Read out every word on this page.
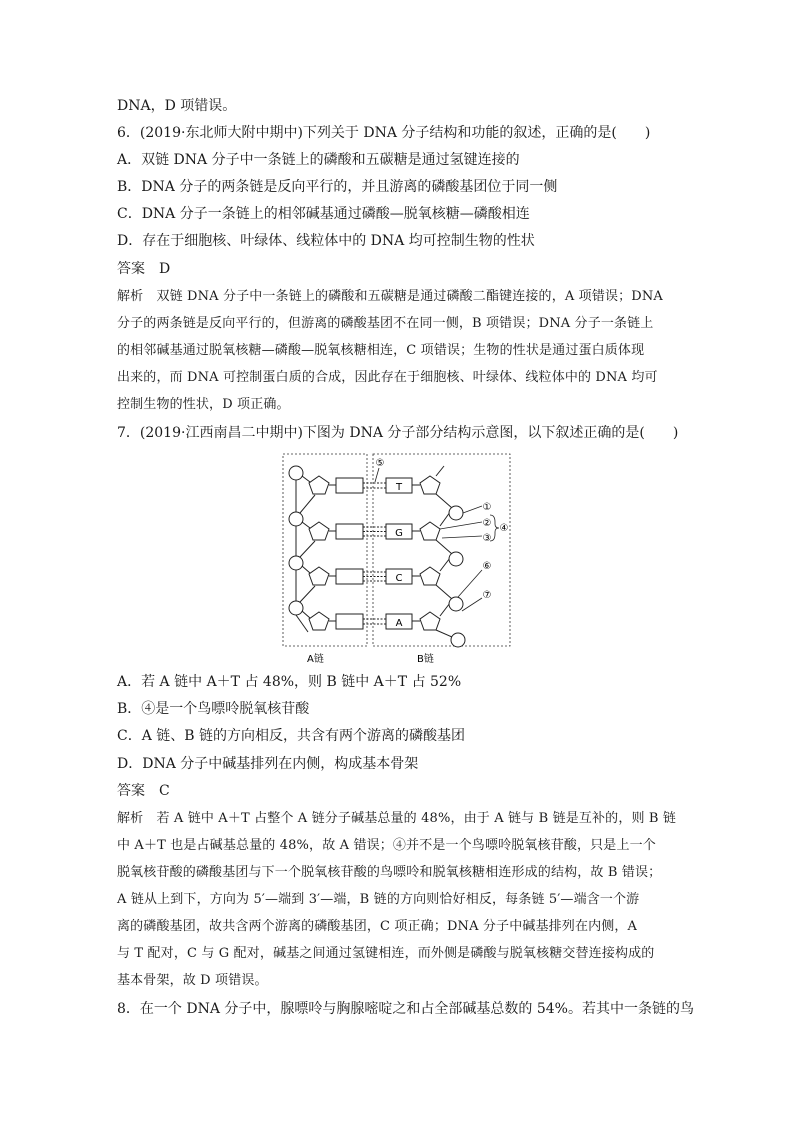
DNA，D 项错误。
6．(2019·东北师大附中期中)下列关于 DNA 分子结构和功能的叙述，正确的是(　　)
A．双链 DNA 分子中一条链上的磷酸和五碳糖是通过氢键连接的
B．DNA 分子的两条链是反向平行的，并且游离的磷酸基团位于同一侧
C．DNA 分子一条链上的相邻碱基通过磷酸—脱氧核糖—磷酸相连
D．存在于细胞核、叶绿体、线粒体中的 DNA 均可控制生物的性状
答案　D
解析　双链 DNA 分子中一条链上的磷酸和五碳糖是通过磷酸二酯键连接的，A 项错误；DNA
分子的两条链是反向平行的，但游离的磷酸基团不在同一侧，B 项错误；DNA 分子一条链上
的相邻碱基通过脱氧核糖—磷酸—脱氧核糖相连，C 项错误；生物的性状是通过蛋白质体现
出来的，而 DNA 可控制蛋白质的合成，因此存在于细胞核、叶绿体、线粒体中的 DNA 均可
控制生物的性状，D 项正确。
7．(2019·江西南昌二中期中)下图为 DNA 分子部分结构示意图，以下叙述正确的是(　　)
T
G
C
A
⑤
①
②
③
④
⑥
⑦
A链	B链
A．若 A 链中 A＋T 占 48%，则 B 链中 A＋T 占 52%
B．④是一个鸟嘌呤脱氧核苷酸
C．A 链、B 链的方向相反，共含有两个游离的磷酸基团
D．DNA 分子中碱基排列在内侧，构成基本骨架
答案　C
解析　若 A 链中 A＋T 占整个 A 链分子碱基总量的 48%，由于 A 链与 B 链是互补的，则 B 链
中 A＋T 也是占碱基总量的 48%，故 A 错误；④并不是一个鸟嘌呤脱氧核苷酸，只是上一个
脱氧核苷酸的磷酸基团与下一个脱氧核苷酸的鸟嘌呤和脱氧核糖相连形成的结构，故 B 错误；
A 链从上到下，方向为 5′—端到 3′—端，B 链的方向则恰好相反，每条链 5′—端含一个游
离的磷酸基团，故共含两个游离的磷酸基团，C 项正确；DNA 分子中碱基排列在内侧，A
与 T 配对，C 与 G 配对，碱基之间通过氢键相连，而外侧是磷酸与脱氧核糖交替连接构成的
基本骨架，故 D 项错误。
8．在一个 DNA 分子中，腺嘌呤与胸腺嘧啶之和占全部碱基总数的 54%。若其中一条链的鸟
